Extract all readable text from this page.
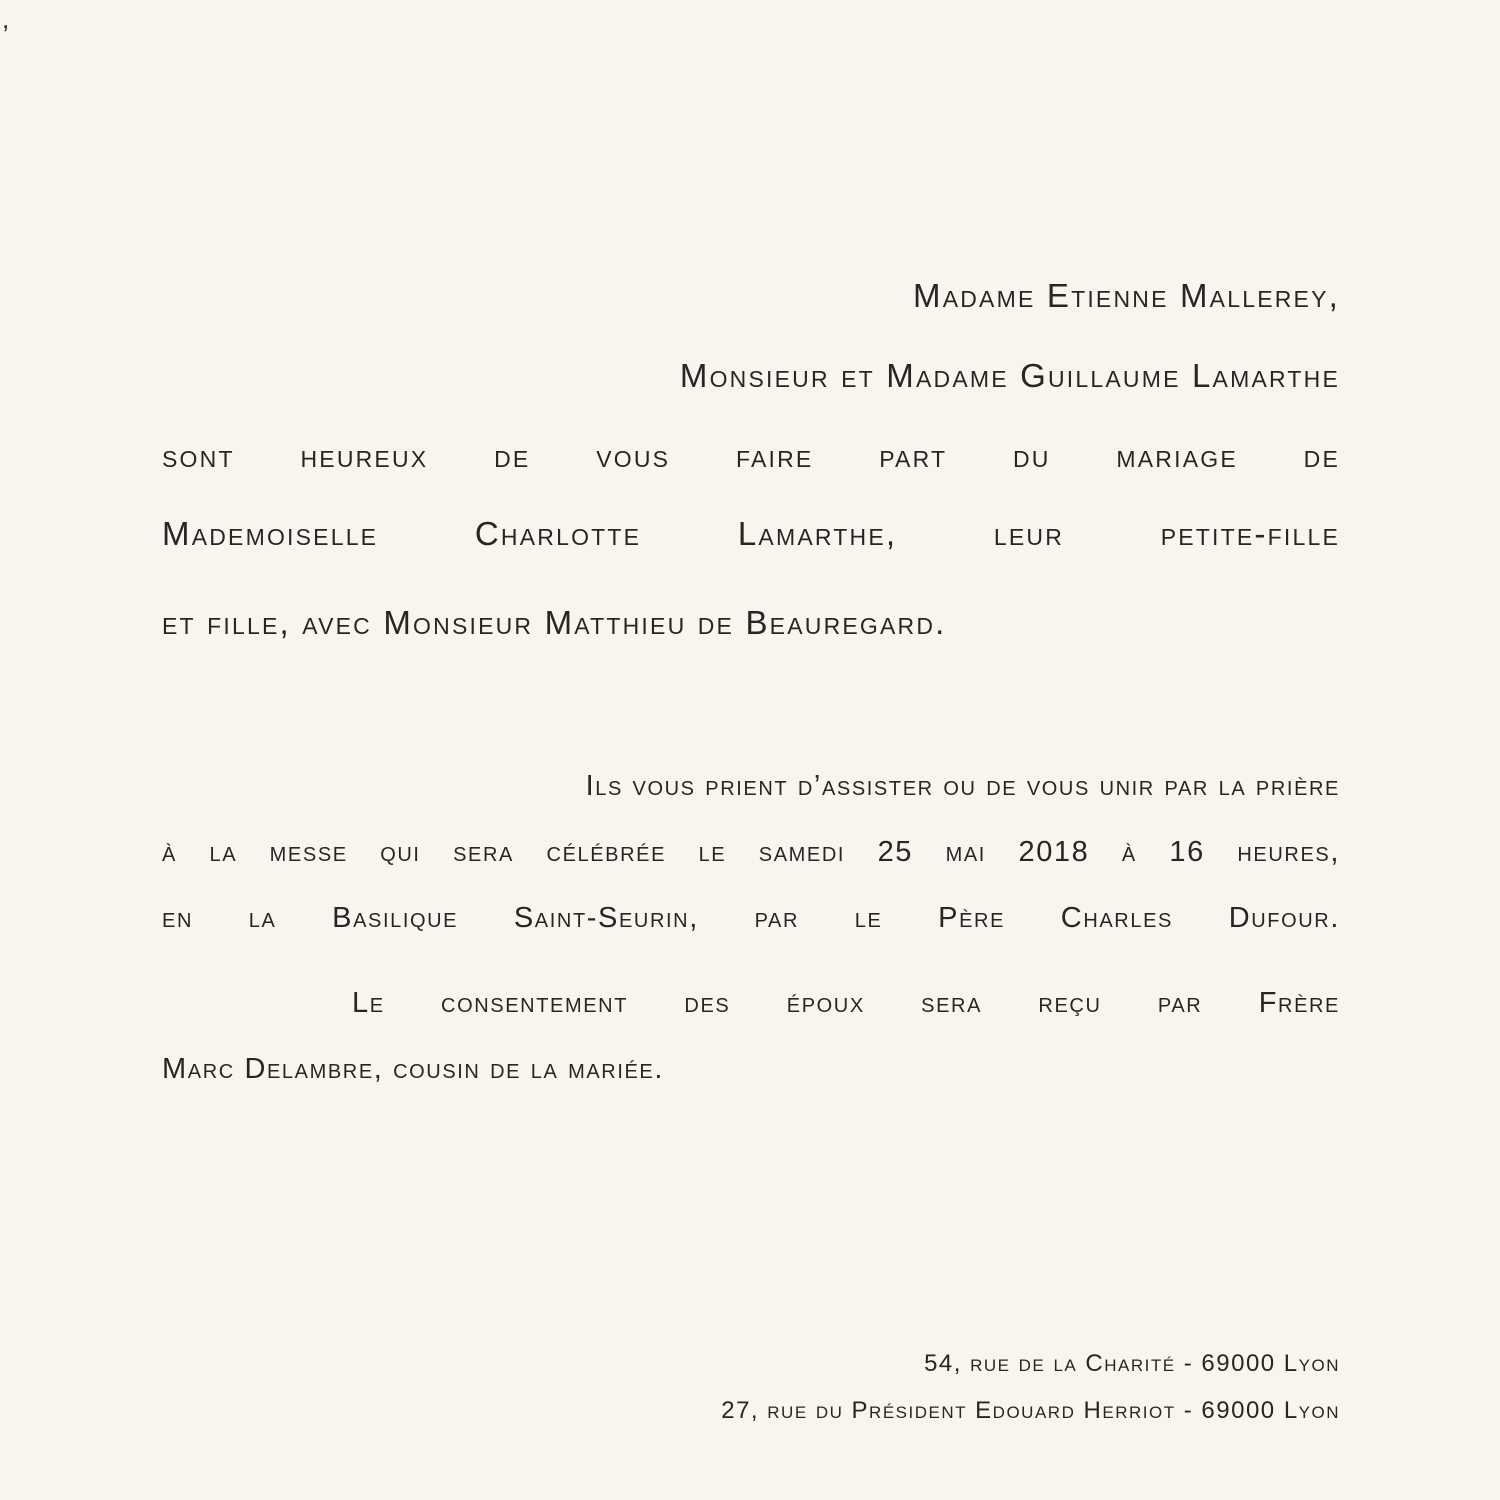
,
Madame Etienne Mallerey,
Monsieur et Madame Guillaume Lamarthe
sont heureux de vous faire part du mariage de
Mademoiselle Charlotte Lamarthe, leur petite-fille
et fille, avec Monsieur Matthieu de Beauregard.
Ils vous prient d’assister ou de vous unir par la prière
à la messe qui sera célébrée le samedi 25 mai 2018 à 16 heures,
en la Basilique Saint-Seurin, par le Père Charles Dufour.
Le consentement des époux sera reçu par Frère
Marc Delambre, cousin de la mariée.
54, rue de la Charité - 69000 Lyon
27, rue du Président Edouard Herriot - 69000 Lyon
